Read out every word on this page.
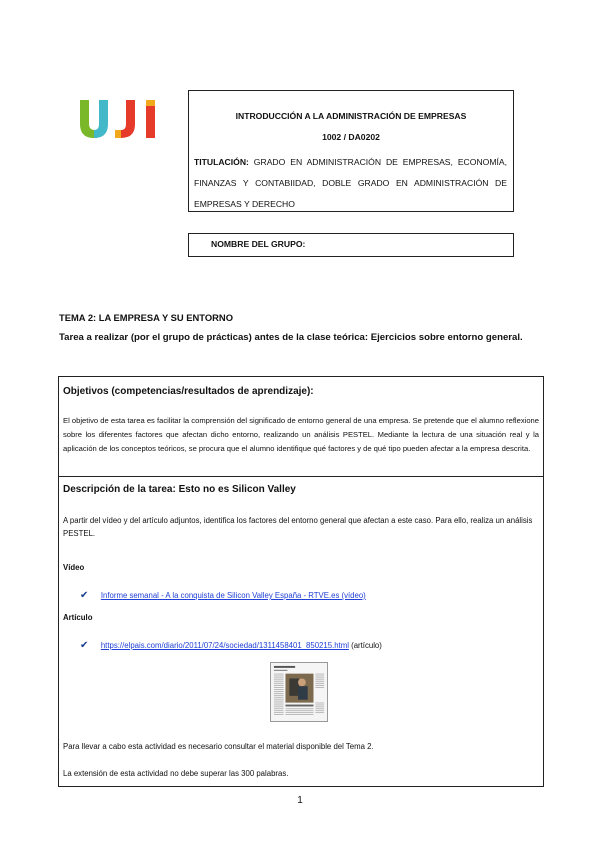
INTRODUCCIÓN A LA ADMINISTRACIÓN DE EMPRESAS
1002 / DA0202
TITULACIÓN: GRADO EN ADMINISTRACIÓN DE EMPRESAS, ECONOMÍA, FINANZAS Y CONTABIIDAD, DOBLE GRADO EN ADMINISTRACIÓN DE EMPRESAS Y DERECHO
NOMBRE DEL GRUPO:
TEMA 2: LA EMPRESA Y SU ENTORNO
Tarea a realizar (por el grupo de prácticas) antes de la clase teórica: Ejercicios sobre entorno general.
Objetivos (competencias/resultados de aprendizaje):
El objetivo de esta tarea es facilitar la comprensión del significado de entorno general de una empresa. Se pretende que el alumno reflexione sobre los diferentes factores que afectan dicho entorno, realizando un análisis PESTEL. Mediante la lectura de una situación real y la aplicación de los conceptos teóricos, se procura que el alumno identifique qué factores y de qué tipo pueden afectar a la empresa descrita.
Descripción de la tarea: Esto no es Silicon Valley
A partir del vídeo y del artículo adjuntos, identifica los factores del entorno general que afectan a este caso. Para ello, realiza un análisis PESTEL.
Vídeo
✔ Informe semanal - A la conquista de Silicon Valley España - RTVE.es (vídeo)
Artículo
✔ https://elpais.com/diario/2011/07/24/sociedad/1311458401_850215.html (artículo)
Para llevar a cabo esta actividad es necesario consultar el material disponible del Tema 2.
La extensión de esta actividad no debe superar las 300 palabras.
1
